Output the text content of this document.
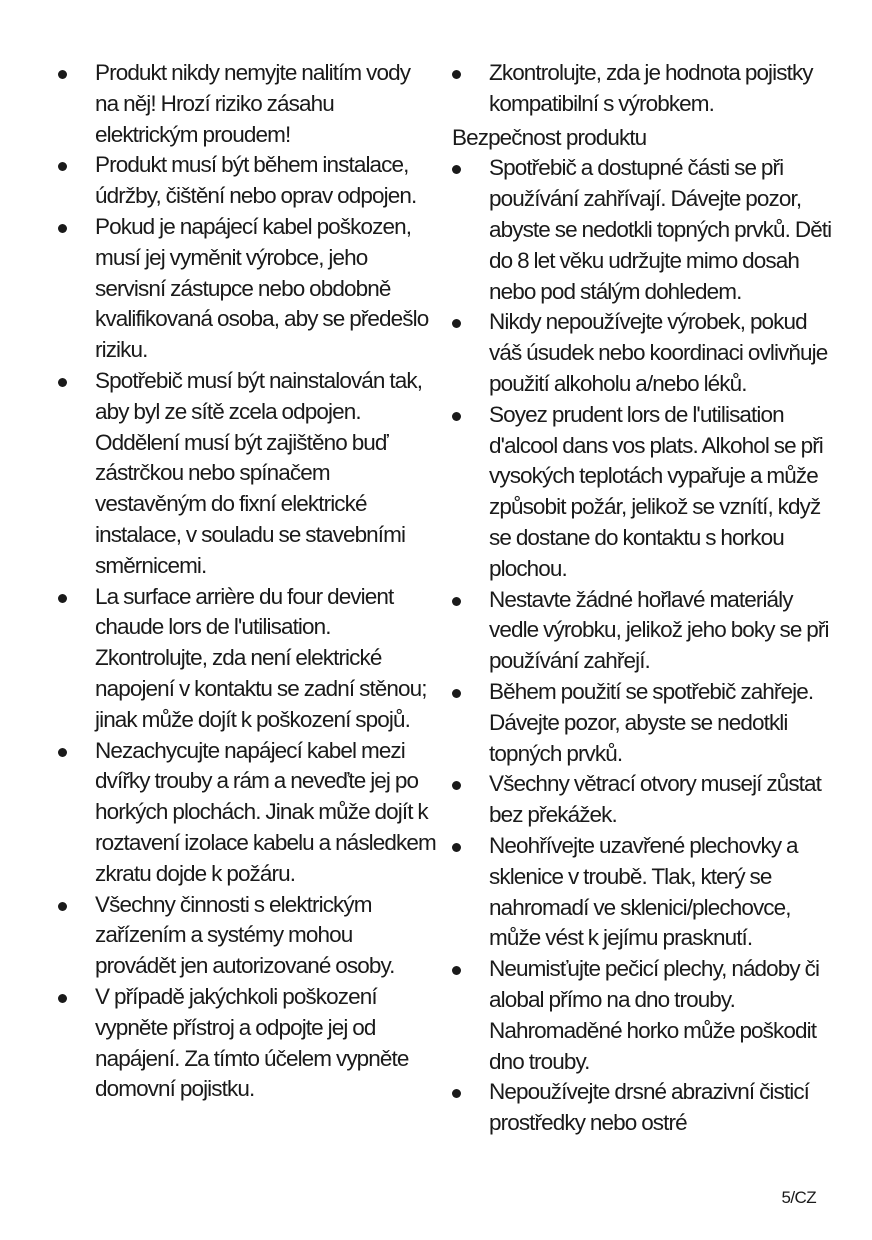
Produkt nikdy nemyjte nalitím vody na něj! Hrozí riziko zásahu elektrickým proudem!
Produkt musí být během instalace, údržby, čištění nebo oprav odpojen.
Pokud je napájecí kabel poškozen, musí jej vyměnit výrobce, jeho servisní zástupce nebo obdobně kvalifikovaná osoba, aby se předešlo riziku.
Spotřebič musí být nainstalován tak, aby byl ze sítě zcela odpojen. Oddělení musí být zajištěno buď zástrčkou nebo spínačem vestavěným do fixní elektrické instalace, v souladu se stavebními směrnicemi.
La surface arrière du four devient chaude lors de l'utilisation. Zkontrolujte, zda není elektrické napojení v kontaktu se zadní stěnou; jinak může dojít k poškození spojů.
Nezachycujte napájecí kabel mezi dvířky trouby a rám a neveďte jej po horkých plochách. Jinak může dojít k roztavení izolace kabelu a následkem zkratu dojde k požáru.
Všechny činnosti s elektrickým zařízením a systémy mohou provádět jen autorizované osoby.
V případě jakýchkoli poškození vypněte přístroj a odpojte jej od napájení. Za tímto účelem vypněte domovní pojistku.
Zkontrolujte, zda je hodnota pojistky kompatibilní s výrobkem.
Bezpečnost produktu
Spotřebič a dostupné části se při používání zahřívají. Dávejte pozor, abyste se nedotkli topných prvků. Děti do 8 let věku udržujte mimo dosah nebo pod stálým dohledem.
Nikdy nepoužívejte výrobek, pokud váš úsudek nebo koordinaci ovlivňuje použití alkoholu a/nebo léků.
Soyez prudent lors de l'utilisation d'alcool dans vos plats. Alkohol se při vysokých teplotách vypařuje a může způsobit požár, jelikož se vznítí, když se dostane do kontaktu s horkou plochou.
Nestavte žádné hořlavé materiály vedle výrobku, jelikož jeho boky se při používání zahřejí.
Během použití se spotřebič zahřeje. Dávejte pozor, abyste se nedotkli topných prvků.
Všechny větrací otvory musejí zůstat bez překážek.
Neohřívejte uzavřené plechovky a sklenice v troubě. Tlak, který se nahromadí ve sklenici/plechovce, může vést k jejímu prasknutí.
Neumisťujte pečicí plechy, nádoby či alobal přímo na dno trouby. Nahromaděné horko může poškodit dno trouby.
Nepoužívejte drsné abrazivní čisticí prostředky nebo ostré
5/CZ
